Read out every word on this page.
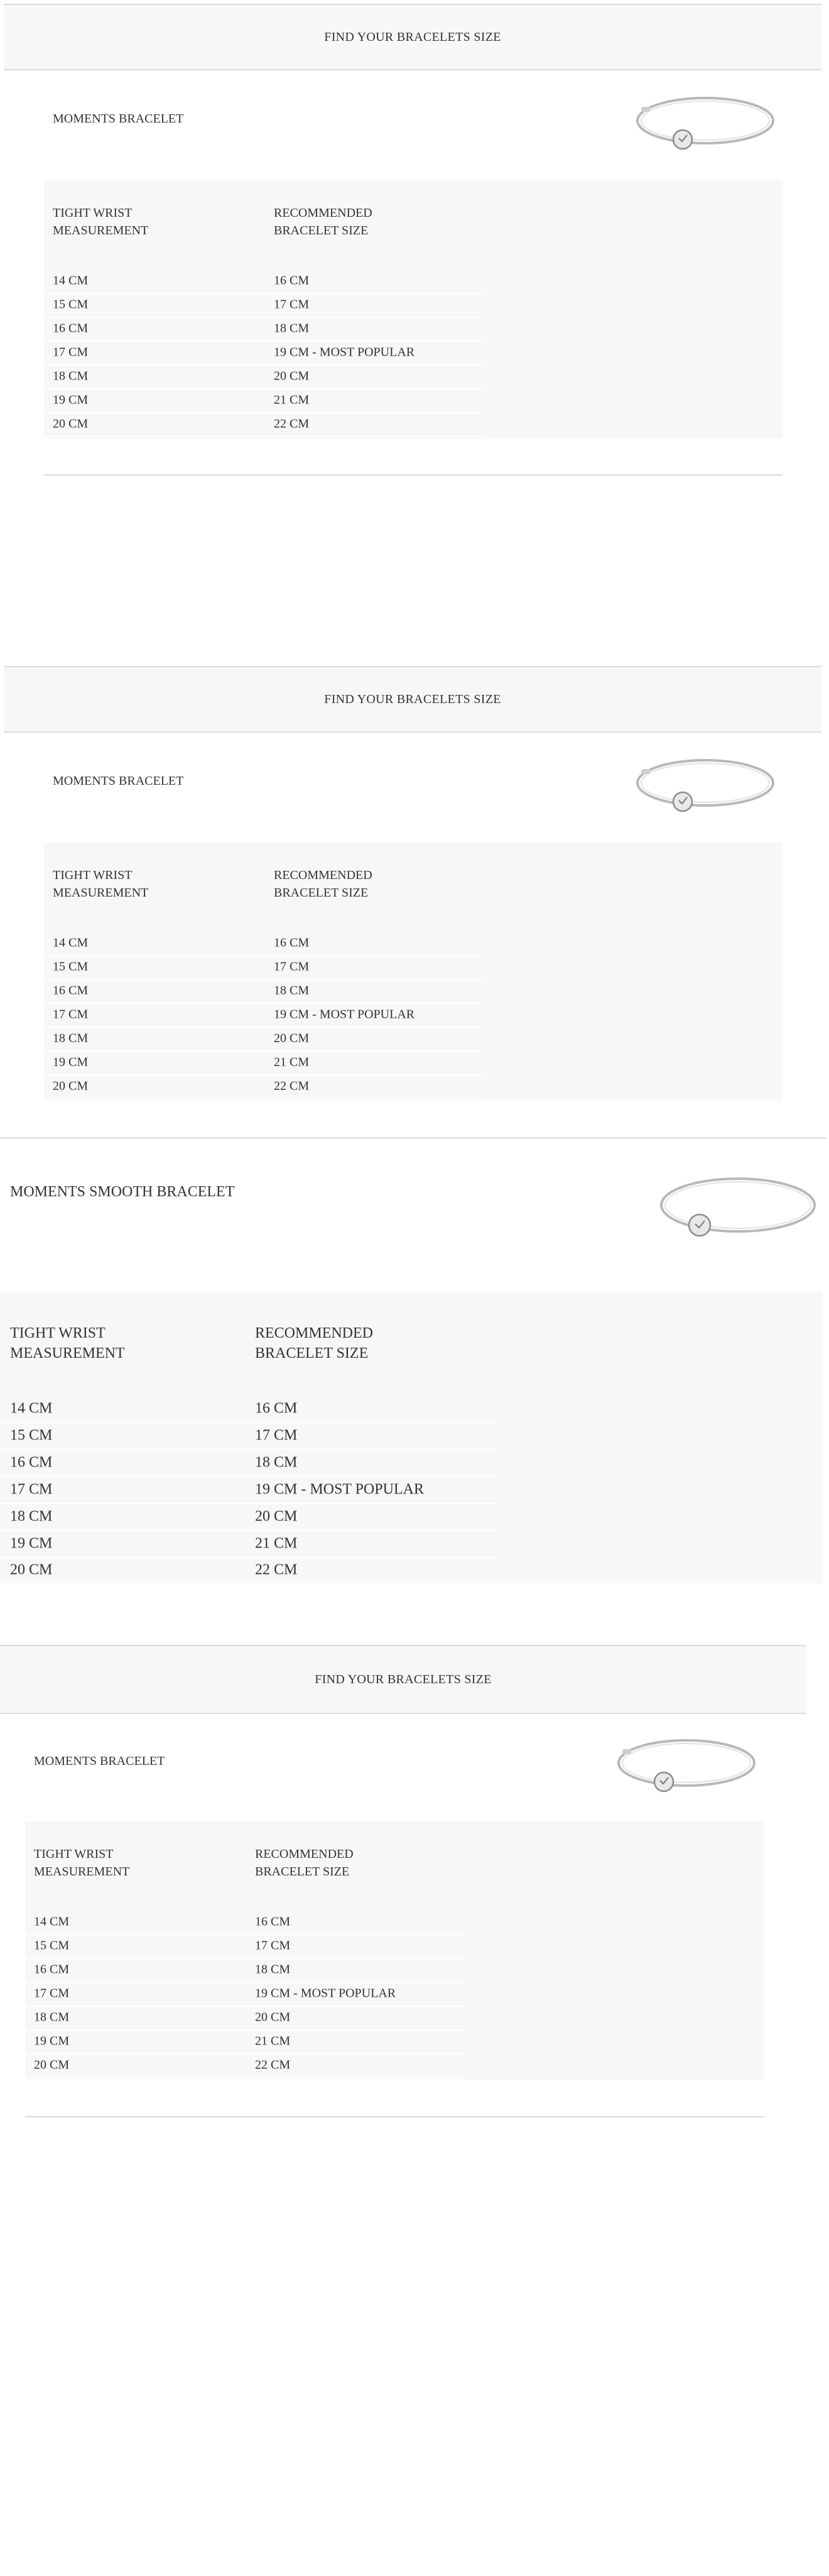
FIND YOUR BRACELETS SIZE
MOMENTS BRACELET
TIGHT WRIST
MEASUREMENT
RECOMMENDED
BRACELET SIZE
14 CM	16 CM
15 CM	17 CM
16 CM	18 CM
17 CM	19 CM - MOST POPULAR
18 CM	20 CM
19 CM	21 CM
20 CM	22 CM
FIND YOUR BRACELETS SIZE
MOMENTS BRACELET
TIGHT WRIST
MEASUREMENT
RECOMMENDED
BRACELET SIZE
14 CM	16 CM
15 CM	17 CM
16 CM	18 CM
17 CM	19 CM - MOST POPULAR
18 CM	20 CM
19 CM	21 CM
20 CM	22 CM
MOMENTS SMOOTH BRACELET
TIGHT WRIST
MEASUREMENT
RECOMMENDED
BRACELET SIZE
14 CM	16 CM
15 CM	17 CM
16 CM	18 CM
17 CM	19 CM - MOST POPULAR
18 CM	20 CM
19 CM	21 CM
20 CM	22 CM
FIND YOUR BRACELETS SIZE
MOMENTS BRACELET
TIGHT WRIST
MEASUREMENT
RECOMMENDED
BRACELET SIZE
14 CM	16 CM
15 CM	17 CM
16 CM	18 CM
17 CM	19 CM - MOST POPULAR
18 CM	20 CM
19 CM	21 CM
20 CM	22 CM
